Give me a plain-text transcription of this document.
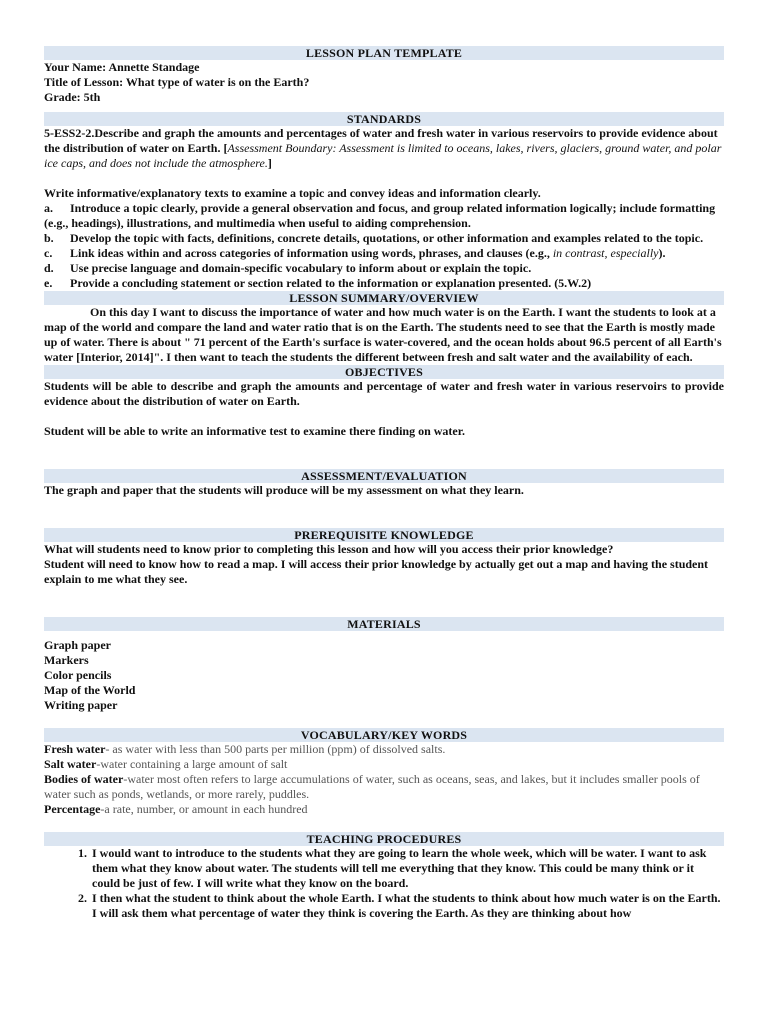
LESSON PLAN TEMPLATE

Your Name: Annette Standage

Title of Lesson: What type of water is on the Earth?

Grade: 5th

STANDARDS

5-ESS2-2.Describe and graph the amounts and percentages of water and fresh water in various reservoirs to provide evidence about the distribution of water on Earth. [Assessment Boundary: Assessment is limited to oceans, lakes, rivers, glaciers, ground water, and polar ice caps, and does not include the atmosphere.]

Write informative/explanatory texts to examine a topic and convey ideas and information clearly.

a. Introduce a topic clearly, provide a general observation and focus, and group related information logically; include formatting (e.g., headings), illustrations, and multimedia when useful to aiding comprehension.

b. Develop the topic with facts, definitions, concrete details, quotations, or other information and examples related to the topic.

c. Link ideas within and across categories of information using words, phrases, and clauses (e.g., in contrast, especially).

d. Use precise language and domain-specific vocabulary to inform about or explain the topic.

e. Provide a concluding statement or section related to the information or explanation presented. (5.W.2)

LESSON SUMMARY/OVERVIEW

On this day I want to discuss the importance of water and how much water is on the Earth. I want the students to look at a map of the world and compare the land and water ratio that is on the Earth. The students need to see that the Earth is mostly made up of water. There is about " 71 percent of the Earth's surface is water-covered, and the ocean holds about 96.5 percent of all Earth's water [Interior, 2014]". I then want to teach the students the different between fresh and salt water and the availability of each.

OBJECTIVES

Students will be able to describe and graph the amounts and percentage of water and fresh water in various reservoirs to provide evidence about the distribution of water on Earth.

Student will be able to write an informative test to examine there finding on water.

ASSESSMENT/EVALUATION

The graph and paper that the students will produce will be my assessment on what they learn.

PREREQUISITE KNOWLEDGE

What will students need to know prior to completing this lesson and how will you access their prior knowledge?

Student will need to know how to read a map. I will access their prior knowledge by actually get out a map and having the student explain to me what they see.

MATERIALS

Graph paper

Markers

Color pencils

Map of the World

Writing paper

VOCABULARY/KEY WORDS

Fresh water- as water with less than 500 parts per million (ppm) of dissolved salts.

Salt water-water containing a large amount of salt

Bodies of water-water most often refers to large accumulations of water, such as oceans, seas, and lakes, but it includes smaller pools of water such as ponds, wetlands, or more rarely, puddles.

Percentage-a rate, number, or amount in each hundred

TEACHING PROCEDURES
1. I would want to introduce to the students what they are going to learn the whole week, which will be water. I want to ask them what they know about water. The students will tell me everything that they know. This could be many think or it could be just of few. I will write what they know on the board.
2. I then what the student to think about the whole Earth. I what the students to think about how much water is on the Earth. I will ask them what percentage of water they think is covering the Earth. As they are thinking about how
